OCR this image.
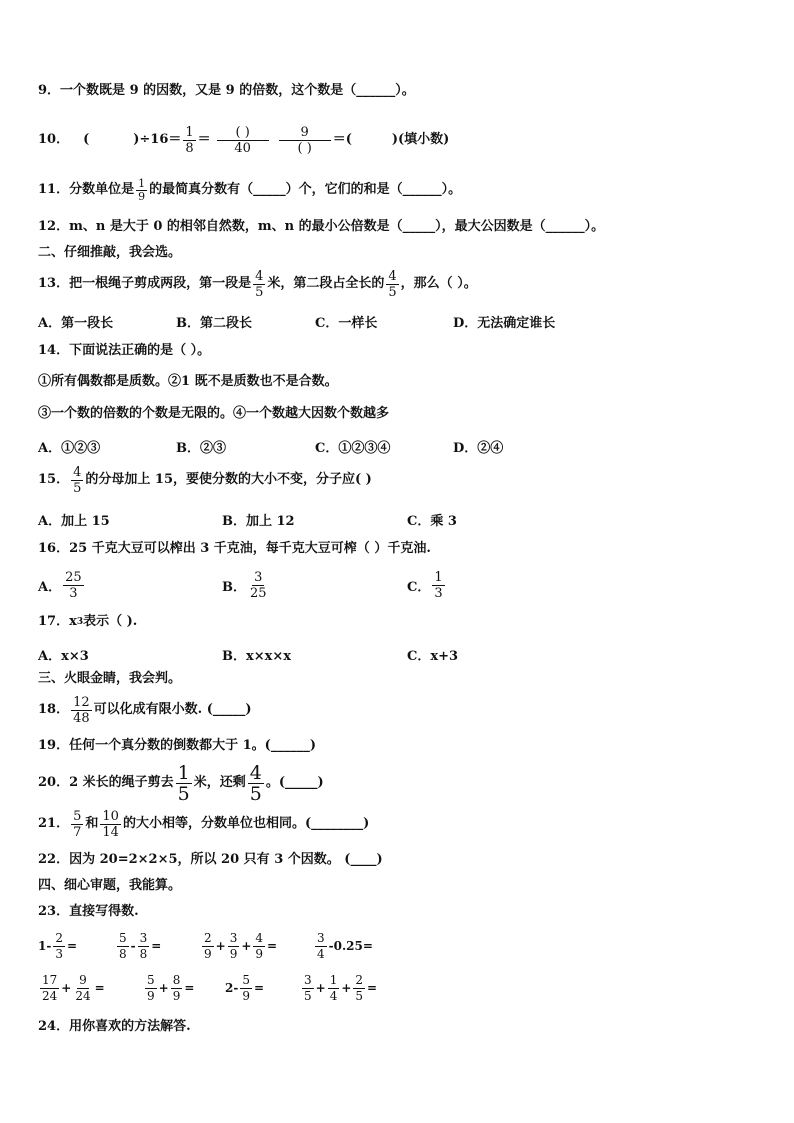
9．一个数既是 9 的因数，又是 9 的倍数，这个数是（______）。
10． (	)$\div 16= \frac{1}{8} = \frac{( )}{40} \frac{9}{( )}$ ＝(	)(填小数)
11．分数单位是 $\frac{1}{9}$ 的最简真分数有（_____）个，它们的和是（______）。
12．m、n 是大于 0 的相邻自然数，m、n 的最小公倍数是（_____），最大公因数是（______）。
二、仔细推敲，我会选。
13．把一根绳子剪成两段，第一段是 $\frac{4}{5}$ 米，第二段占全长的 $\frac{4}{5}$ ，那么（ ）。
A．第一段长	B．第二段长	C．一样长	D．无法确定谁长
14．下面说法正确的是（ ）。
①所有偶数都是质数。②1 既不是质数也不是合数。
③一个数的倍数的个数是无限的。④一个数越大因数个数越多
A．①②③	B．②③	C．①②③④	D．②④
15． $\frac{4}{5}$ 的分母加上 15，要使分数的大小不变，分子应( )
A．加上 15	B．加上 12	C．乘 3
16．25 千克大豆可以榨出 3 千克油，每千克大豆可榨（ ）千克油.
A． $\frac{25}{3}$	B． $\frac{3}{25}$	C． $\frac{1}{3}$
17．x 3 表示（ ).
A．x×3	B．x×x×x	C．x+3
三、火眼金睛，我会判。
18． $\frac{12}{48}$ 可以化成有限小数. (_____)
19．任何一个真分数的倒数都大于 1。(______)
20．2 米长的绳子剪去 $\frac{1}{5}$ 米，还剩 $\frac{4}{5}$ 。(_____)
21． $\frac{5}{7}$ 和 $\frac{10}{14}$ 的大小相等，分数单位也相同。(________)
22．因为 20=2×2×5，所以 20 只有 3 个因数。 (____)
四、细心审题，我能算。
23．直接写得数.
$1- \frac{2}{3}$ =	$\frac{5}{8} - \frac{3}{8}$ =	$\frac{2}{9} + \frac{3}{9} + \frac{4}{9}$ =	$\frac{3}{4} -0.25=$
$\frac{17}{24} + \frac{9}{24}$ =	$\frac{5}{9} + \frac{8}{9}$ =	$2- \frac{5}{9}$ =	$\frac{3}{5} + \frac{1}{4} + \frac{2}{5}$ =
24．用你喜欢的方法解答.
